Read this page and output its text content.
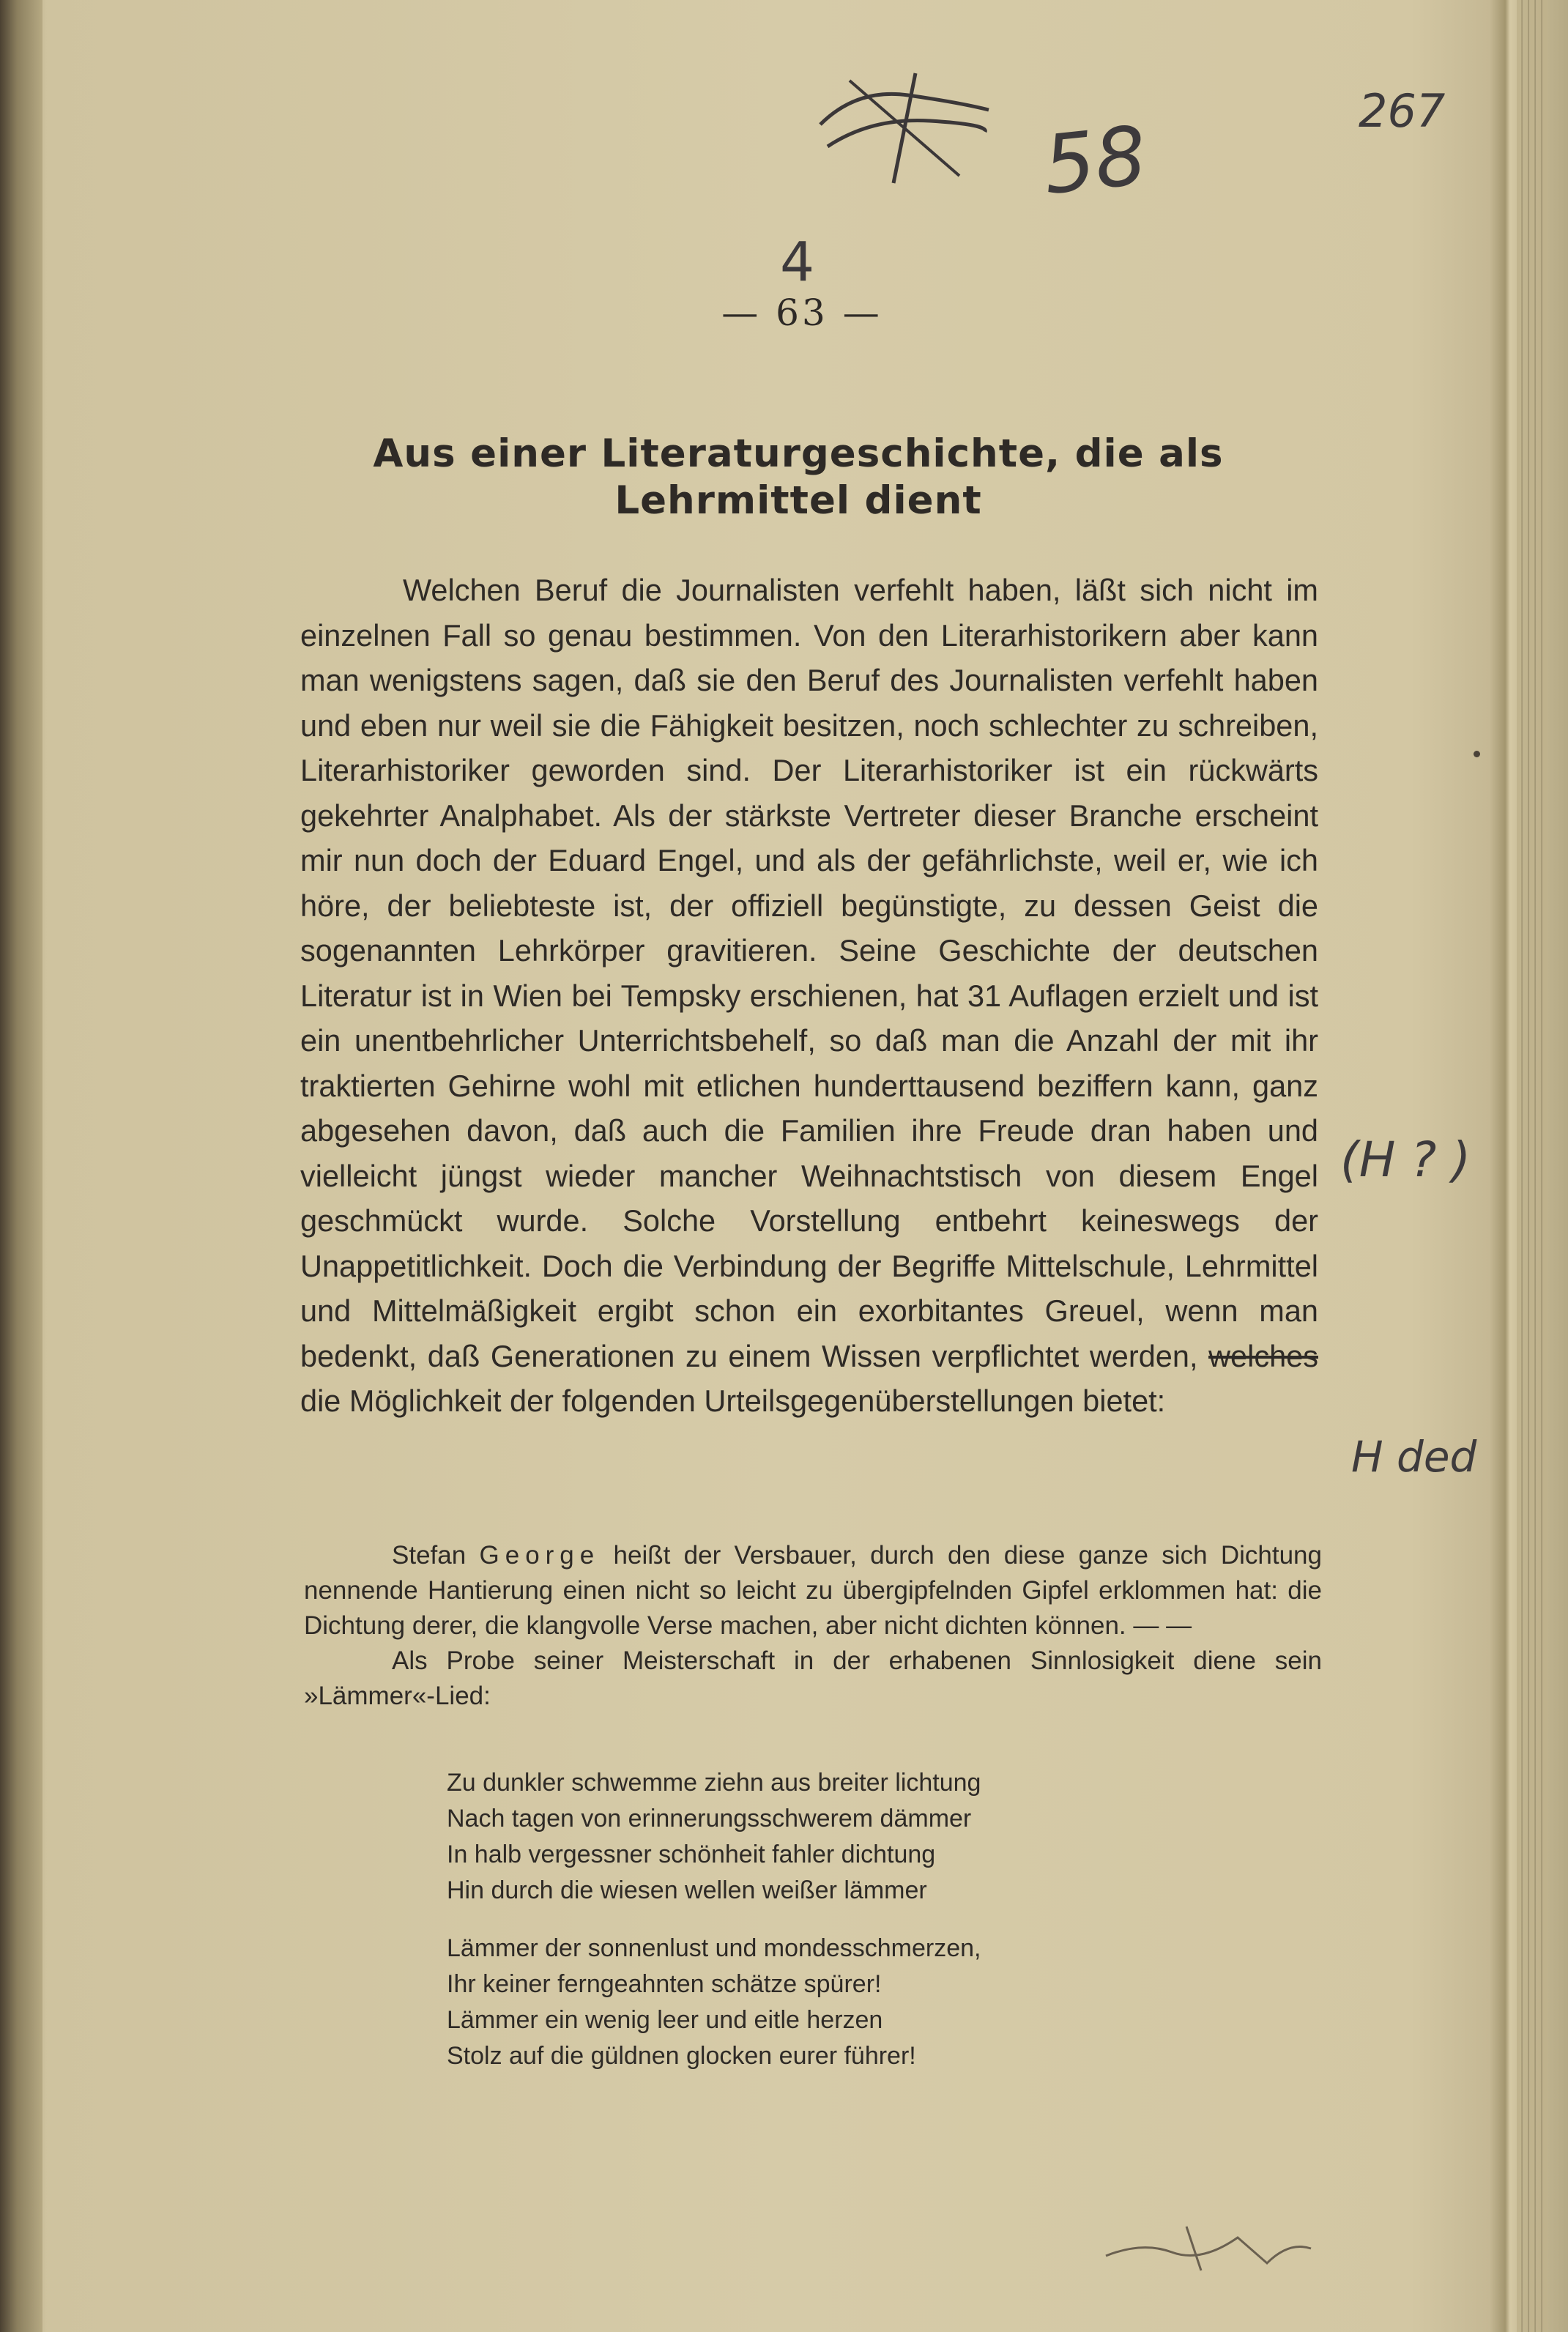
58	267
4
— 63 —
Aus einer Literaturgeschichte, die als
Lehrmittel dient

Welchen Beruf die Journalisten verfehlt haben, läßt sich nicht im einzelnen Fall so genau bestimmen. Von den Literarhistorikern aber kann man wenigstens sagen, daß sie den Beruf des Journalisten verfehlt haben und eben nur weil sie die Fähigkeit besitzen, noch schlechter zu schreiben, Literarhistoriker geworden sind. Der Literarhistoriker ist ein rückwärts gekehrter Analphabet. Als der stärkste Vertreter dieser Branche erscheint mir nun doch der Eduard Engel, und als der gefährlichste, weil er, wie ich höre, der beliebteste ist, der offiziell begünstigte, zu dessen Geist die sogenannten Lehrkörper gravitieren. Seine Geschichte der deutschen Literatur ist in Wien bei Tempsky erschienen, hat 31 Auflagen erzielt und ist ein unentbehrlicher Unterrichtsbehelf, so daß man die Anzahl der mit ihr traktierten Gehirne wohl mit etlichen hunderttausend beziffern kann, ganz abgesehen davon, daß auch die Familien ihre Freude dran haben und vielleicht jüngst wieder mancher Weihnachtstisch von diesem Engel geschmückt wurde. Solche Vorstellung entbehrt keineswegs der Unappetitlichkeit. Doch die Verbindung der Begriffe Mittelschule, Lehrmittel und Mittelmäßigkeit ergibt schon ein exorbitantes Greuel, wenn man bedenkt, daß Generationen zu einem Wissen verpflichtet werden, welches die Möglichkeit der folgenden Urteilsgegenüberstellungen bietet:

Stefan George heißt der Versbauer, durch den diese ganze sich Dichtung nennende Hantierung einen nicht so leicht zu übergipfelnden Gipfel erklommen hat: die Dichtung derer, die klangvolle Verse machen, aber nicht dichten können. — —

Als Probe seiner Meisterschaft in der erhabenen Sinnlosigkeit diene sein »Lämmer«-Lied:

Zu dunkler schwemme ziehn aus breiter lichtung
Nach tagen von erinnerungsschwerem dämmer
In halb vergessner schönheit fahler dichtung
Hin durch die wiesen wellen weißer lämmer
Lämmer der sonnenlust und mondesschmerzen,
Ihr keiner ferngeahnten schätze spürer!
Lämmer ein wenig leer und eitle herzen
Stolz auf die güldnen glocken eurer führer!
(H ? )
H ded
